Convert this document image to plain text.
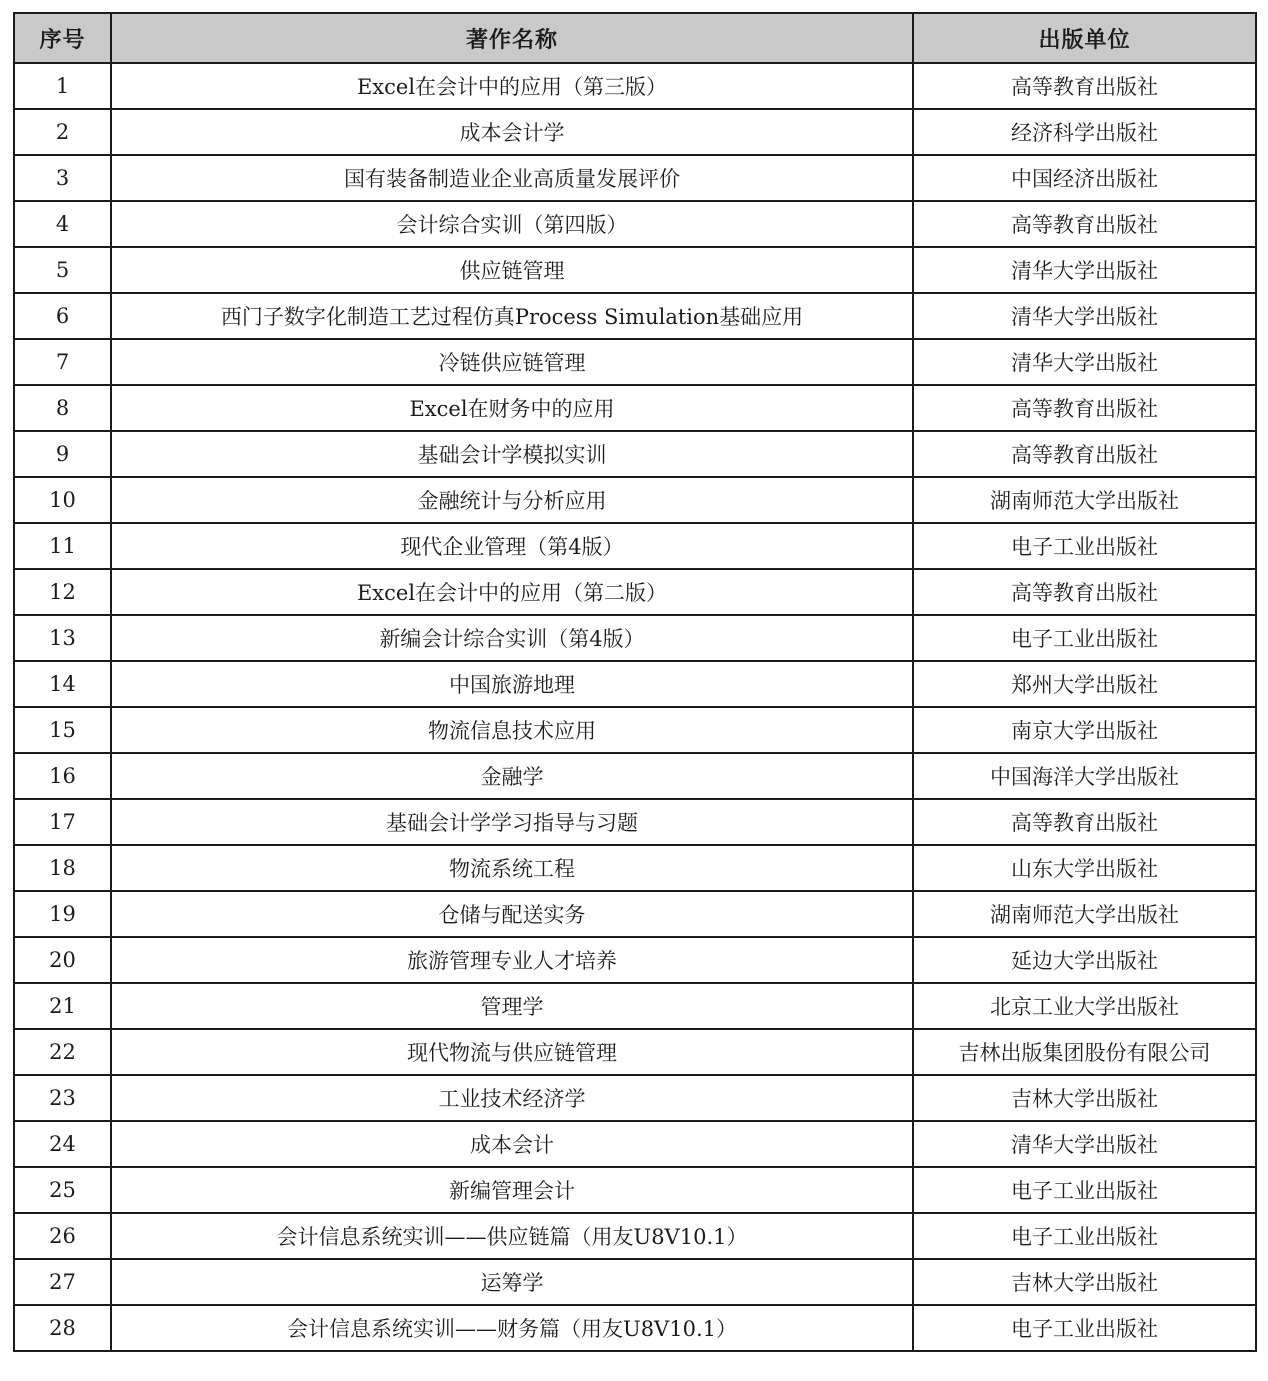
序号	著作名称	出版单位
1	Excel在会计中的应用（第三版）	高等教育出版社
2	成本会计学	经济科学出版社
3	国有装备制造业企业高质量发展评价	中国经济出版社
4	会计综合实训（第四版）	高等教育出版社
5	供应链管理	清华大学出版社
6	西门子数字化制造工艺过程仿真Process Simulation基础应用	清华大学出版社
7	冷链供应链管理	清华大学出版社
8	Excel在财务中的应用	高等教育出版社
9	基础会计学模拟实训	高等教育出版社
10	金融统计与分析应用	湖南师范大学出版社
11	现代企业管理（第4版）	电子工业出版社
12	Excel在会计中的应用（第二版）	高等教育出版社
13	新编会计综合实训（第4版）	电子工业出版社
14	中国旅游地理	郑州大学出版社
15	物流信息技术应用	南京大学出版社
16	金融学	中国海洋大学出版社
17	基础会计学学习指导与习题	高等教育出版社
18	物流系统工程	山东大学出版社
19	仓储与配送实务	湖南师范大学出版社
20	旅游管理专业人才培养	延边大学出版社
21	管理学	北京工业大学出版社
22	现代物流与供应链管理	吉林出版集团股份有限公司
23	工业技术经济学	吉林大学出版社
24	成本会计	清华大学出版社
25	新编管理会计	电子工业出版社
26	会计信息系统实训——供应链篇（用友U8V10.1）	电子工业出版社
27	运筹学	吉林大学出版社
28	会计信息系统实训——财务篇（用友U8V10.1）	电子工业出版社
